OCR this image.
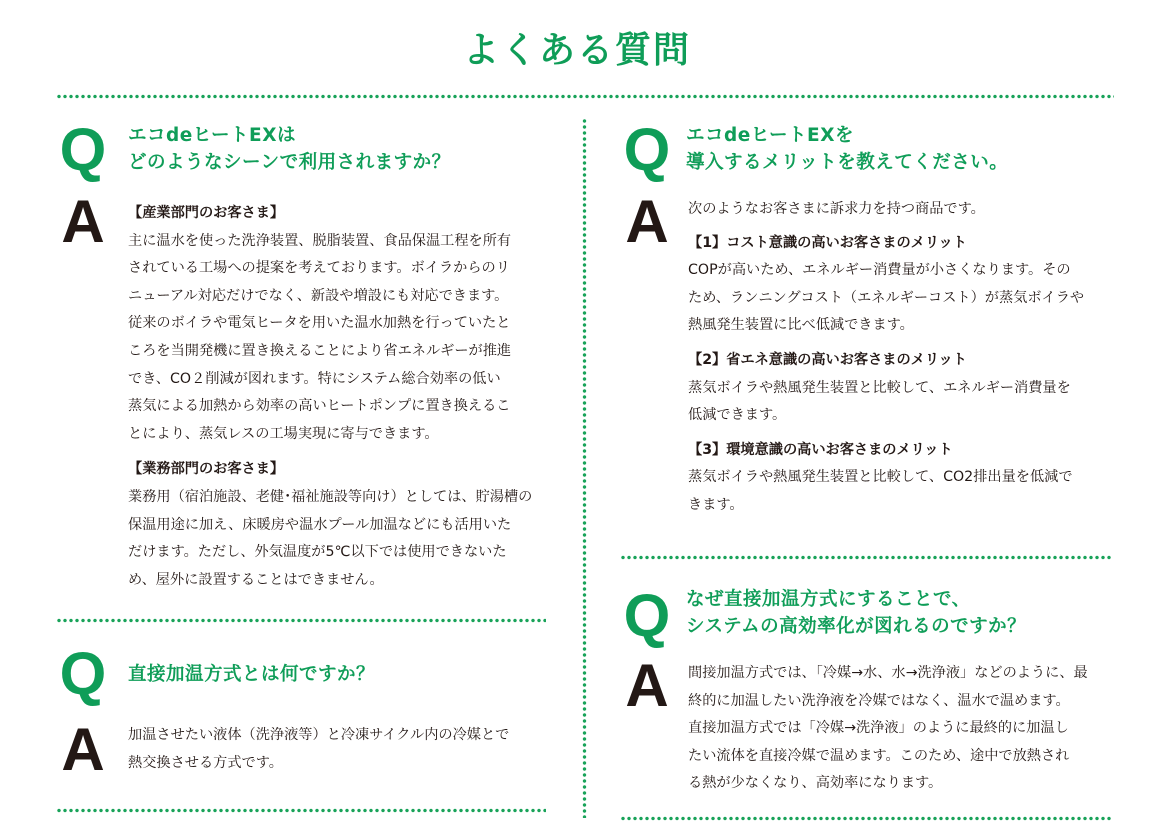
よくある質問
Q エコdeヒートEXは
どのようなシーンで利用されますか？
A	【産業部門のお客さま】
主に温水を使った洗浄装置、脱脂装置、食品保温工程を所有
されている工場への提案を考えております。ボイラからのリ
ニューアル対応だけでなく、新設や増設にも対応できます。
従来のボイラや電気ヒータを用いた温水加熱を行っていたと
ころを当開発機に置き換えることにより省エネルギーが推進
でき、CO２削減が図れます。特にシステム総合効率の低い
蒸気による加熱から効率の高いヒートポンプに置き換えるこ
とにより、蒸気レスの工場実現に寄与できます。
【業務部門のお客さま】
業務用（宿泊施設、老健･福祉施設等向け）としては、貯湯槽の
保温用途に加え、床暖房や温水プール加温などにも活用いた
だけます。ただし、外気温度が5℃以下では使用できないた
め、屋外に設置することはできません。
Q 直接加温方式とは何ですか？
A	加温させたい液体（洗浄液等）と冷凍サイクル内の冷媒とで
熱交換させる方式です。
Q エコdeヒートEXを
導入するメリットを教えてください。
A	次のようなお客さまに訴求力を持つ商品です。
【1】コスト意識の高いお客さまのメリット
COPが高いため、エネルギー消費量が小さくなります。その
ため、ランニングコスト（エネルギーコスト）が蒸気ボイラや
熱風発生装置に比べ低減できます。
【2】省エネ意識の高いお客さまのメリット
蒸気ボイラや熱風発生装置と比較して、エネルギー消費量を
低減できます。
【3】環境意識の高いお客さまのメリット
蒸気ボイラや熱風発生装置と比較して、CO2排出量を低減で
きます。
Q なぜ直接加温方式にすることで、
システムの高効率化が図れるのですか？
A	間接加温方式では、「冷媒→水、水→洗浄液」などのように、最
終的に加温したい洗浄液を冷媒ではなく、温水で温めます。
直接加温方式では「冷媒→洗浄液」のように最終的に加温し
たい流体を直接冷媒で温めます。このため、途中で放熱され
る熱が少なくなり、高効率になります。
